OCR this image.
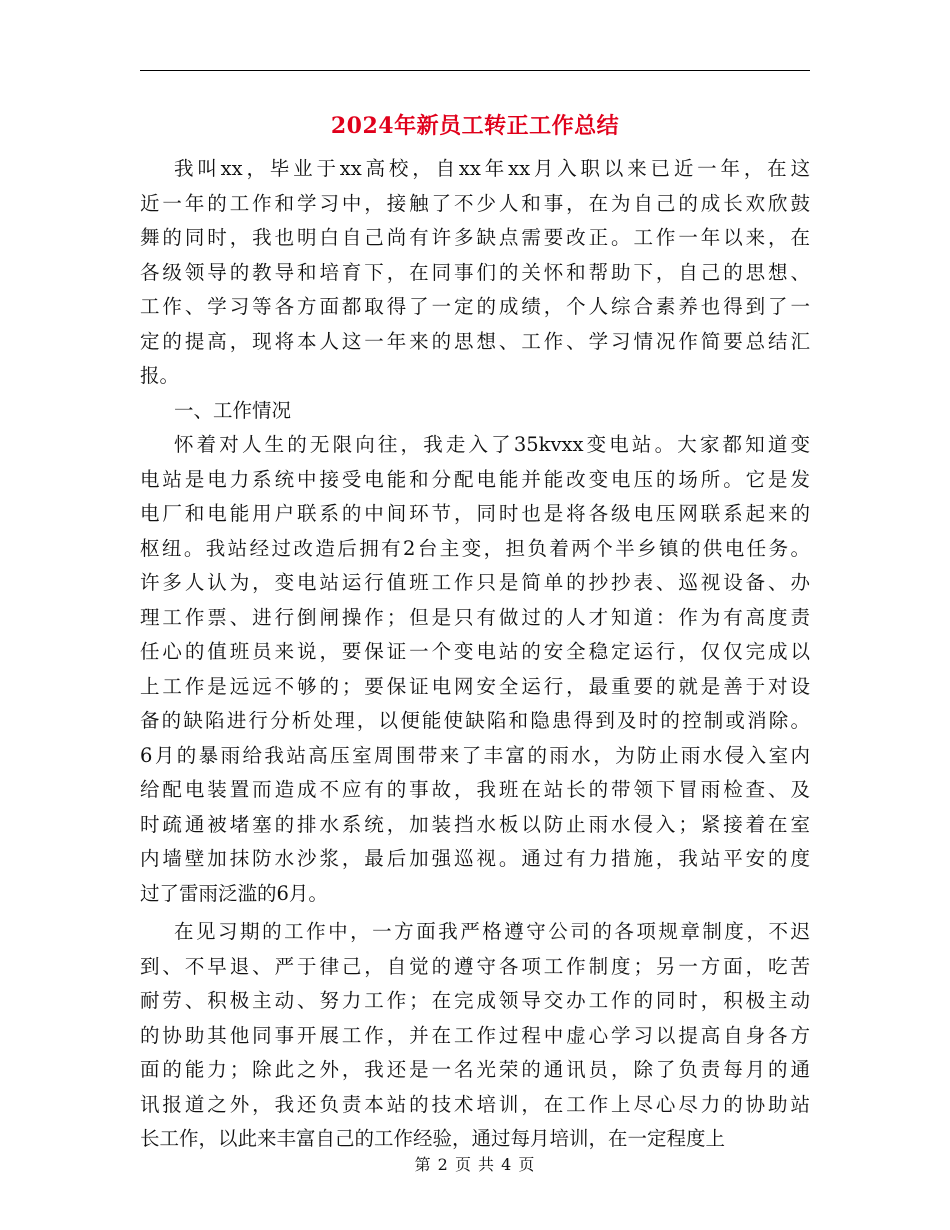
2024年新员工转正工作总结
我叫xx，毕业于xx高校，自xx年xx月入职以来已近一年，在这
近一年的工作和学习中，接触了不少人和事，在为自己的成长欢欣鼓
舞的同时，我也明白自己尚有许多缺点需要改正。工作一年以来，在
各级领导的教导和培育下，在同事们的关怀和帮助下，自己的思想、
工作、学习等各方面都取得了一定的成绩，个人综合素养也得到了一
定的提高，现将本人这一年来的思想、工作、学习情况作简要总结汇
报。
一、工作情况
怀着对人生的无限向往，我走入了35kvxx变电站。大家都知道变
电站是电力系统中接受电能和分配电能并能改变电压的场所。它是发
电厂和电能用户联系的中间环节，同时也是将各级电压网联系起来的
枢纽。我站经过改造后拥有2台主变，担负着两个半乡镇的供电任务。
许多人认为，变电站运行值班工作只是简单的抄抄表、巡视设备、办
理工作票、进行倒闸操作；但是只有做过的人才知道：作为有高度责
任心的值班员来说，要保证一个变电站的安全稳定运行，仅仅完成以
上工作是远远不够的；要保证电网安全运行，最重要的就是善于对设
备的缺陷进行分析处理，以便能使缺陷和隐患得到及时的控制或消除。
6月的暴雨给我站高压室周围带来了丰富的雨水，为防止雨水侵入室内
给配电装置而造成不应有的事故，我班在站长的带领下冒雨检查、及
时疏通被堵塞的排水系统，加装挡水板以防止雨水侵入；紧接着在室
内墙壁加抹防水沙浆，最后加强巡视。通过有力措施，我站平安的度
过了雷雨泛滥的6月。
在见习期的工作中，一方面我严格遵守公司的各项规章制度，不迟
到、不早退、严于律己，自觉的遵守各项工作制度；另一方面，吃苦
耐劳、积极主动、努力工作；在完成领导交办工作的同时，积极主动
的协助其他同事开展工作，并在工作过程中虚心学习以提高自身各方
面的能力；除此之外，我还是一名光荣的通讯员，除了负责每月的通
讯报道之外，我还负责本站的技术培训，在工作上尽心尽力的协助站
长工作，以此来丰富自己的工作经验，通过每月培训，在一定程度上
第 2 页 共 4 页
